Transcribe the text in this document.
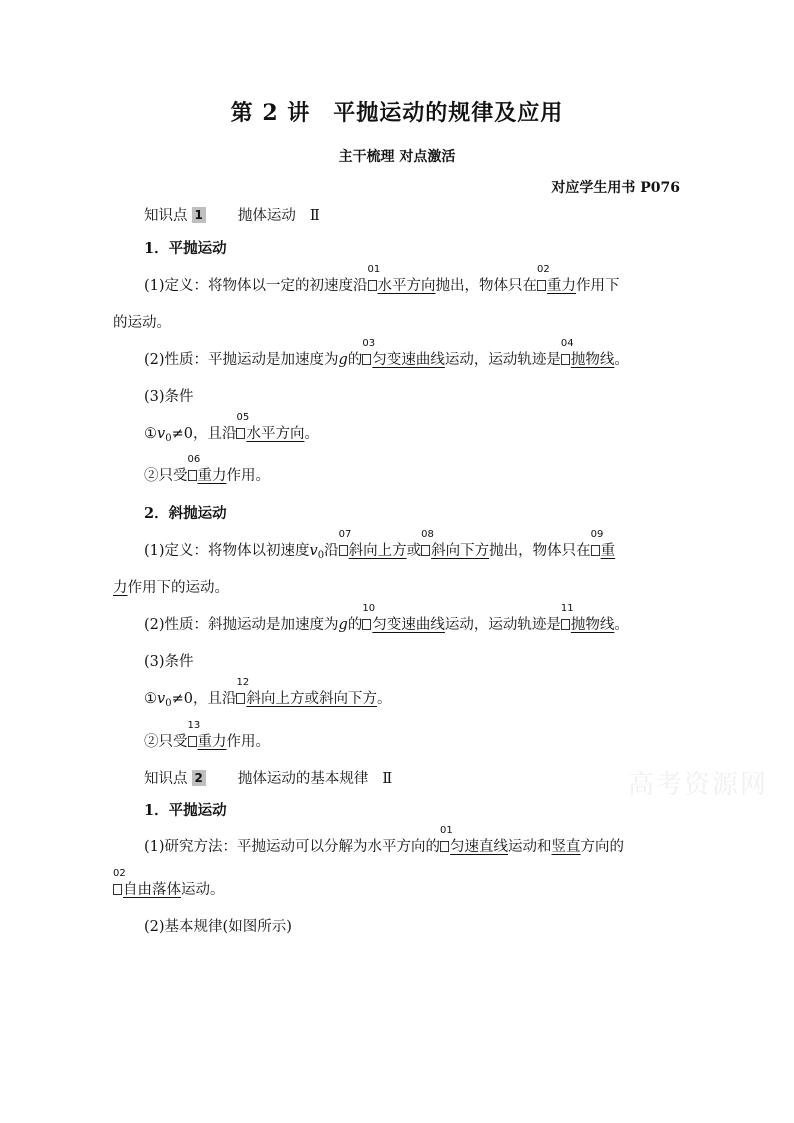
第 2 讲　平抛运动的规律及应用
主干梳理 对点激活
对应学生用书 P076
知识点 1 抛体运动 Ⅱ
1．平抛运动
(1)定义：将物体以一定的初速度沿
01
水平方向抛出，物体只在
02
重力作用下
的运动。
(2)性质：平抛运动是加速度为g的
03
匀变速曲线运动，运动轨迹是
04
抛物线。
(3)条件
$①v_0\ne 0$，且沿
05
水平方向。
②只受
06
重力作用。
2．斜抛运动
(1)定义：将物体以初速度$v_0$沿
07
斜向上方或
08
斜向下方抛出，物体只在
09
重
力作用下的运动。
(2)性质：斜抛运动是加速度为g的
10
匀变速曲线运动，运动轨迹是
11
抛物线。
(3)条件
$①v_0\ne 0$，且沿
12
斜向上方或斜向下方。
②只受
13
重力作用。
知识点 2 抛体运动的基本规律 Ⅱ
1．平抛运动
(1)研究方法：平抛运动可以分解为水平方向的
01
匀速直线运动和竖直方向的
02
自由落体运动。
(2)基本规律(如图所示)
高考资源网
